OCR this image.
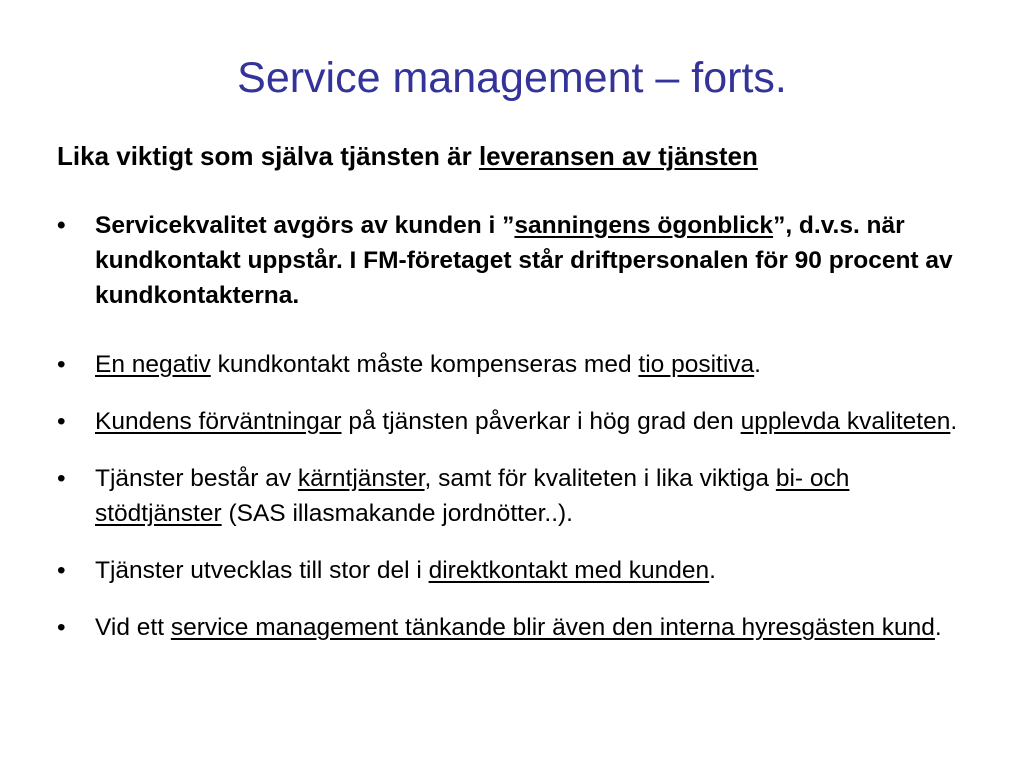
Service management – forts.

Lika viktigt som själva tjänsten är leveransen av tjänsten

•	Servicekvalitet avgörs av kunden i ”sanningens ögonblick”, d.v.s. när kundkontakt uppstår. I FM-företaget står driftpersonalen för 90 procent av kundkontakterna.
•	En negativ kundkontakt måste kompenseras med tio positiva.
•	Kundens förväntningar på tjänsten påverkar i hög grad den upplevda kvaliteten.
•	Tjänster består av kärntjänster, samt för kvaliteten i lika viktiga bi- och stödtjänster (SAS illasmakande jordnötter..).
•	Tjänster utvecklas till stor del i direktkontakt med kunden.
•	Vid ett service management tänkande blir även den interna hyresgästen kund.
